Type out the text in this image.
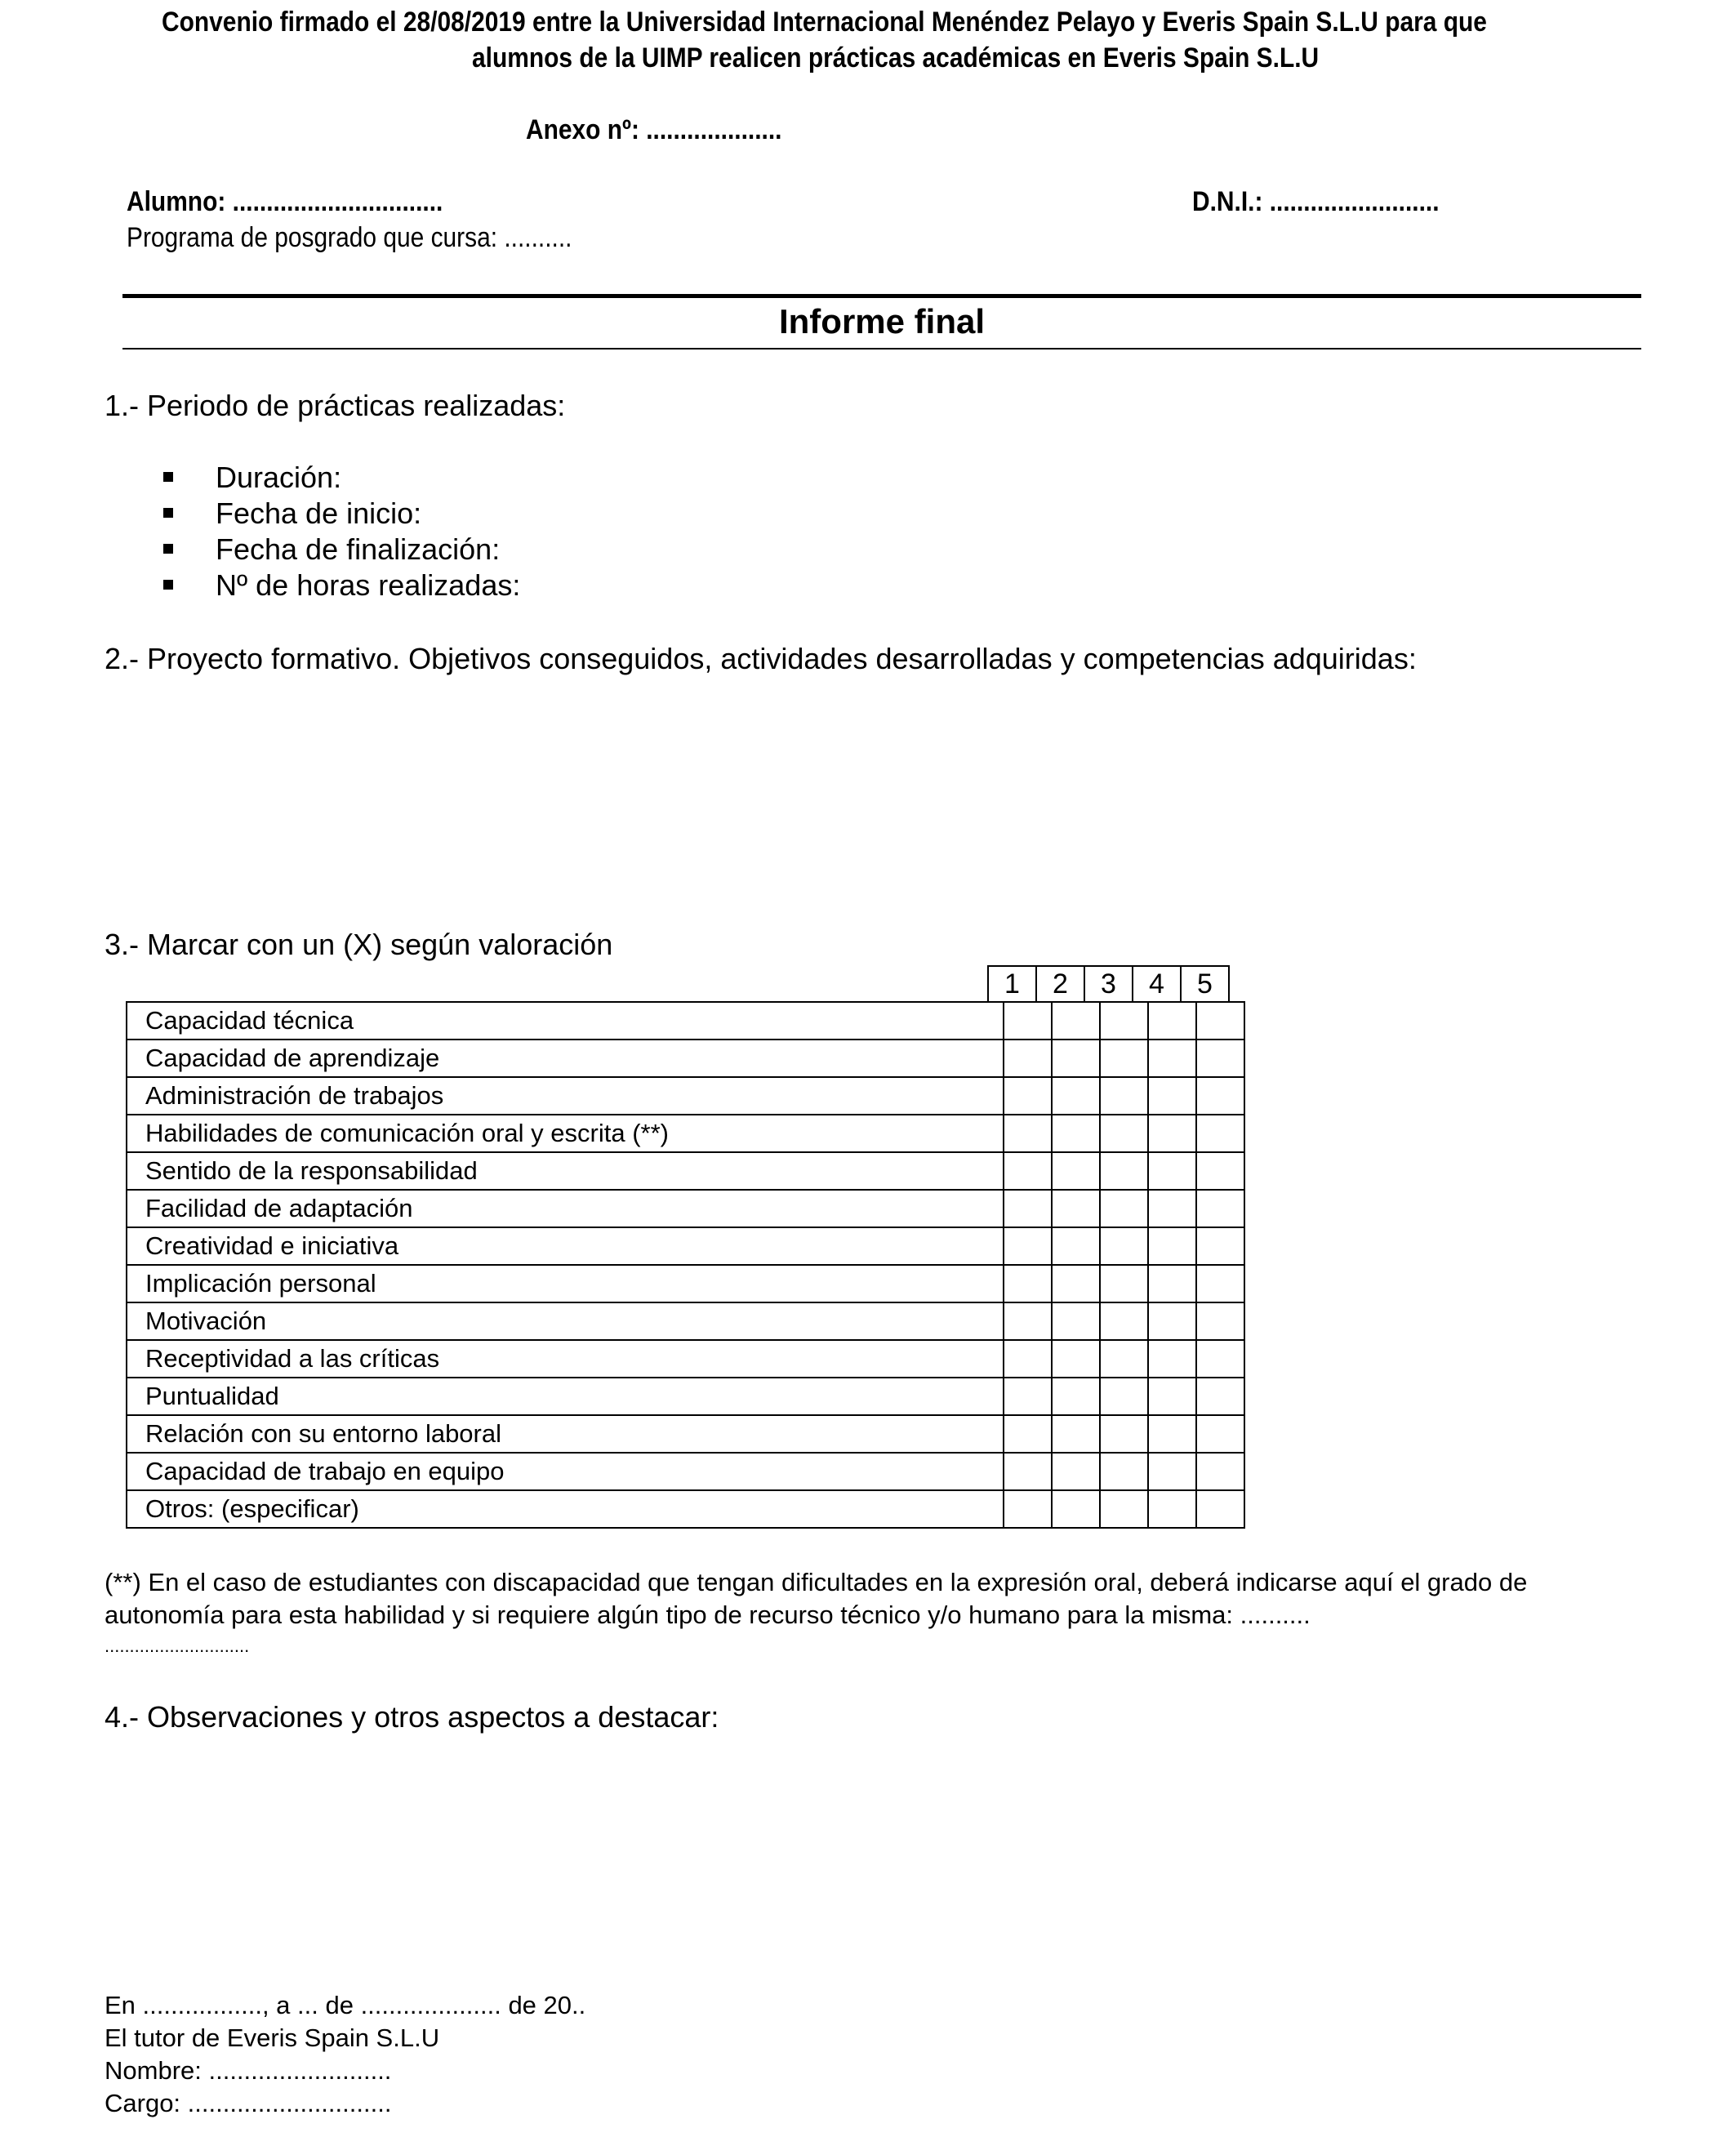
Convenio firmado el 28/08/2019 entre la Universidad Internacional Menéndez Pelayo y Everis Spain S.L.U para que
alumnos de la UIMP realicen prácticas académicas en Everis Spain S.L.U
Anexo nº: ....................
Alumno: ...............................	D.N.I.: .........................
Programa de posgrado que cursa: ..........
Informe final
1.- Periodo de prácticas realizadas:
Duración:
Fecha de inicio:
Fecha de finalización:
Nº de horas realizadas:
2.- Proyecto formativo. Objetivos conseguidos, actividades desarrolladas y competencias adquiridas:
3.- Marcar con un (X) según valoración
1	2	3	4	5
Capacidad técnica					
Capacidad de aprendizaje					
Administración de trabajos					
Habilidades de comunicación oral y escrita (**)					
Sentido de la responsabilidad					
Facilidad de adaptación					
Creatividad e iniciativa					
Implicación personal					
Motivación					
Receptividad a las críticas					
Puntualidad					
Relación con su entorno laboral					
Capacidad de trabajo en equipo					
Otros: (especificar)					
(**) En el caso de estudiantes con discapacidad que tengan dificultades en la expresión oral, deberá indicarse aquí el grado de
autonomía para esta habilidad y si requiere algún tipo de recurso técnico y/o humano para la misma: ..........
.............................
4.- Observaciones y otros aspectos a destacar:
En ................., a ... de .................... de 20..
El tutor de Everis Spain S.L.U
Nombre: ..........................
Cargo: .............................
